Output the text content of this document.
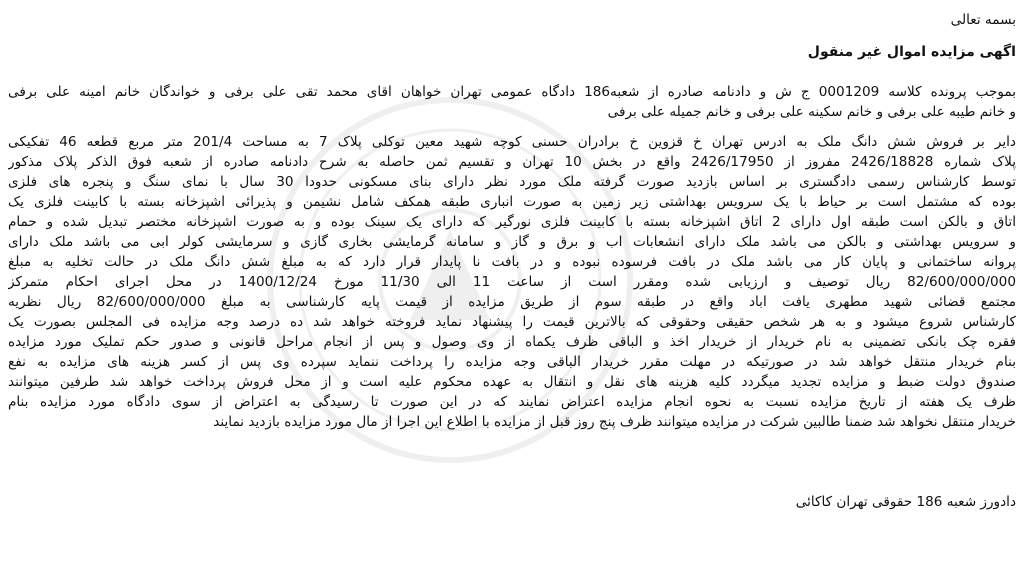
بسمه تعالی
اگهی مزایده اموال غیر منقول
بموجب پرونده کلاسه 0001209 ج ش و دادنامه صادره از شعبه186 دادگاه عمومی تهران خواهان اقای محمد تقی علی برفی و خواندگان خانم امینه علی برفی
و خانم طیبه علی برفی و خانم سکینه علی برفی و خانم جمیله علی برفی
دایر بر فروش شش دانگ ملک به ادرس تهران خ قزوین خ برادران حسنی کوچه شهید معین توکلی پلاک 7 به مساحت 201/4 متر مربع قطعه 46 تفکیکی
پلاک شماره 2426/18828 مفروز از 2426/17950 واقع در بخش 10 تهران و تقسیم ثمن حاصله به شرح دادنامه صادره از شعبه فوق الذکر پلاک مذکور
توسط کارشناس رسمی دادگستری بر اساس بازدید صورت گرفته ملک مورد نظر دارای بنای مسکونی حدودا 30 سال با نمای سنگ و پنجره های فلزی
بوده که مشتمل است بر حیاط با یک سرویس بهداشتی زیر زمین به صورت انباری طبقه همکف شامل نشیمن و پذیرائی اشپزخانه بسته با کابینت فلزی یک
اتاق و بالکن است طبقه اول دارای 2 اتاق اشپزخانه بسته با کابینت فلزی نورگیر که دارای یک سینک بوده و به صورت اشپزخانه مختصر تبدیل شده و حمام
و سرویس بهداشتی و بالکن می باشد ملک دارای انشعابات اب و برق و گاز و سامانه گرمایشی بخاری گازی و سرمایشی کولر ابی می باشد ملک دارای
پروانه ساختمانی و پایان کار می باشد ملک در بافت فرسوده نبوده و در بافت نا پایدار قرار دارد که به مبلغ شش دانگ ملک در حالت تخلیه به مبلغ
82/600/000/000 ریال توصیف و ارزیابی شده ومقرر است از ساعت 11 الی 11/30 مورخ 1400/12/24 در محل اجرای احکام متمرکز
مجتمع قضائی شهید مطهری یافت اباد واقع در طبقه سوم از طریق مزایده از قیمت پایه کارشناسی به مبلغ 82/600/000/000 ریال نظریه
کارشناس شروع میشود و به هر شخص حقیقی وحقوقی که بالاترین قیمت را پیشنهاد نماید فروخته خواهد شد ده درصد وجه مزایده فی المجلس بصورت یک
فقره چک بانکی تضمینی به نام خریدار از خریدار اخذ و الباقی ظرف یکماه از وی وصول و پس از انجام مراحل قانونی و صدور حکم تملیک مورد مزایده
بنام خریدار منتقل خواهد شد در صورتیکه در مهلت مقرر خریدار الباقی وجه مزایده را پرداخت ننماید سپرده وی پس از کسر هزینه های مزایده به نفع
صندوق دولت ضبط و مزایده تجدید میگردد کلیه هزینه های نقل و انتقال به عهده محکوم علیه است و از محل فروش پرداخت خواهد شد طرفین میتوانند
ظرف یک هفته از تاریخ مزایده نسبت به نحوه انجام مزایده اعتراض نمایند که در این صورت تا رسیدگی به اعتراض از سوی دادگاه مورد مزایده بنام
خریدار منتقل نخواهد شد ضمنا طالبین شرکت در مزایده میتوانند ظرف پنج روز قبل از مزایده با اطلاع این اجرا از مال مورد مزایده بازدید نمایند
دادورز شعبه 186 حقوقی تهران کاکائی
